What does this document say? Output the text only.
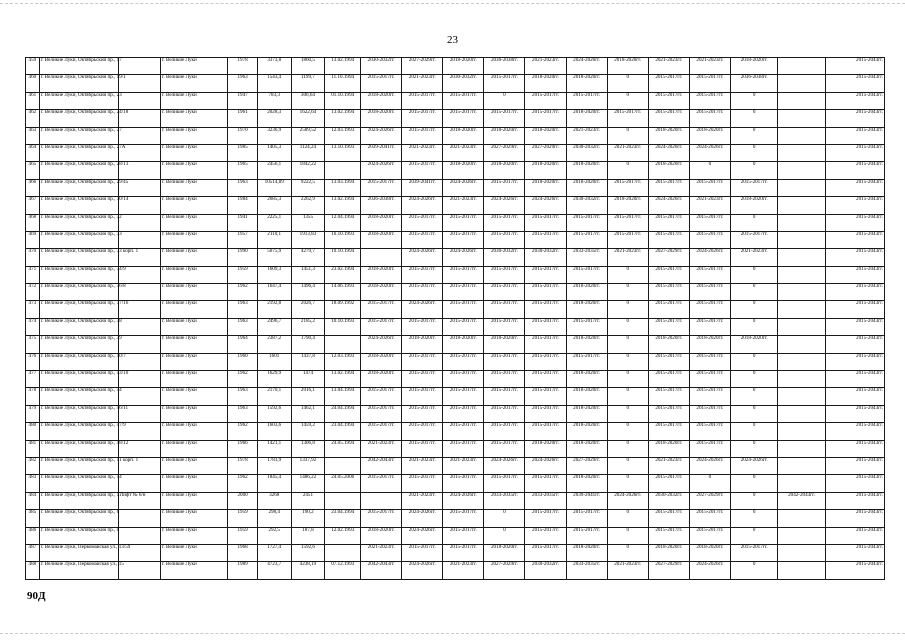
23
459	г. Великие Луки, Октябрьский пр., 17		г. Великие Луки	1978	3373,8	1860,5	13.02.1994	2030-2032гг.	2027-2029гг.	2018-2020гг.	2036-2038гг.	2021-2023гг.	2024-2026гг.	2018-2020гг.	2021-2023гг.	2021-2023гг.	2018-2020гг.		2015-2043гг.
460	г. Великие Луки, Октябрьский пр., 19/1		г. Великие Луки	1963	1543,4	1199,7	11.10.1994	2015-2017гг.	2021-2023гг.	2030-2032гг.	2015-2017гг.	2018-2020гг.	2018-2020гг.	0	2015-2017гг.	2015-2017гг.	2036-2038гг.		2015-2043гг.
461	г. Великие Луки, Октябрьский пр., 23		г. Великие Луки	1947	783,3	306,64	01.10.1994	2018-2020гг.	2015-2017гг.	2015-2017гг.	0	2015-2017гг.	2015-2017гг.	0	2015-2017гг.	2015-2017гг.	0		2015-2043гг.
462	г. Великие Луки, Октябрьский пр., 24/18		г. Великие Луки	1961	2028,3	1622,64	13.02.1994	2018-2020гг.	2015-2017гг.	2015-2017гг.	2015-2017гг.	2015-2017гг.	2018-2020гг.	2015-2017гг.	2015-2017гг.	2015-2017гг.	0		2015-2043гг.
463	г. Великие Луки, Октябрьский пр., 27		г. Великие Луки	1970	3236,9	2589,52	12.03.1993	2024-2026гг.	2015-2017гг.	2018-2020гг.	2018-2020гг.	2018-2020гг.	2021-2023гг.	0	2018-2020гг.	2018-2020гг.	0		2015-2043гг.
464	г. Великие Луки, Октябрьский пр., 27А		г. Великие Луки	1985	1405,3	1124,24	13.10.1993	2039-2041гг.	2021-2023гг.	2021-2023гг.	2027-2029гг.	2027-2029гг.	2030-2032гг.	2021-2023гг.	2024-2026гг.	2024-2026гг.	0		2015-2043гг.
465	г. Великие Луки, Октябрьский пр., 28/13		г. Великие Луки	1965	2456,1	1842,22		2024-2026гг.	2015-2017гг.	2018-2020гг.	2018-2020гг.	2018-2020гг.	2018-2020гг.	0	2018-2020гг.	0	0		2015-2043гг.
466	г. Великие Луки, Октябрьский пр., 29/45		г. Великие Луки	1963	10514,89	9222,5	13.03.1994	2015-2017гг.	2039-2041гг.	2024-2026гг.	2015-2017гг.	2018-2020гг.	2018-2020гг.	2015-2017гг.	2015-2017гг.	2015-2017гг.	2015-2017гг.		2015-2043гг.
467	г. Великие Луки, Октябрьский пр., 30/14		г. Великие Луки	1984	2685,3	2262,9	13.02.1994	2036-2038гг.	2024-2026гг.	2021-2023гг.	2024-2026гг.	2024-2026гг.	2030-2032гг.	2018-2020гг.	2024-2026гг.	2021-2023гг.	2018-2020гг.		2015-2043гг.
468	г. Великие Луки, Октябрьский пр., 32		г. Великие Луки	1941	2225,1	1355	12.04.1994	2018-2020гг.	2015-2017гг.	2015-2017гг.	2015-2017гг.	2015-2017гг.	2015-2017гг.	2015-2017гг.	2015-2017гг.	2015-2017гг.	0		2015-2043гг.
469	г. Великие Луки, Октябрьский пр., 33		г. Великие Луки	1957	2110,1	1913,83	10.10.1993	2018-2020гг.	2015-2017гг.	2015-2017гг.	2015-2017гг.	2015-2017гг.	2015-2017гг.	2015-2017гг.	2015-2017гг.	2015-2017гг.	2015-2017гг.		2015-2043гг.
470	г. Великие Луки, Октябрьский пр., 33 корп. 1		г. Великие Луки	1990	5075,9	4279,7	10.10.1994		2024-2026гг.	2024-2026гг.	2030-2032гг.	2030-2032гг.	2033-2035гг.	2021-2023гг.	2027-2029гг.	2024-2026гг.	2021-2023гг.		2015-2043гг.
471	г. Великие Луки, Октябрьский пр., 34/9		г. Великие Луки	1959	1609,3	1451,3	23.02.1994	2018-2020гг.	2015-2017гг.	2015-2017гг.	2015-2017гг.	2015-2017гг.	2015-2017гг.	0	2015-2017гг.	2015-2017гг.	0		2015-2043гг.
472	г. Великие Луки, Октябрьский пр., 36/8		г. Великие Луки	1962	1647,4	1496,4	14.06.1993	2018-2020гг.	2015-2017гг.	2015-2017гг.	2015-2017гг.	2015-2017гг.	2018-2020гг.	0	2015-2017гг.	2015-2017гг.	0		2015-2043гг.
473	г. Великие Луки, Октябрьский пр., 37/16		г. Великие Луки	1963	2192,8	2026,7	18.09.1992	2015-2017гг.	2024-2026гг.	2015-2017гг.	2015-2017гг.	2015-2017гг.	2018-2020гг.	0	2015-2017гг.	2015-2017гг.	0		2015-2043гг.
474	г. Великие Луки, Октябрьский пр., 38		г. Великие Луки	1963	2496,7	2185,2	10.10.1993	2015-2017гг.	2015-2017гг.	2015-2017гг.	2015-2017гг.	2015-2017гг.	2015-2017гг.	0	2015-2017гг.	2015-2017гг.	0		2015-2043гг.
475	г. Великие Луки, Октябрьский пр., 39		г. Великие Луки	1964	2387,2	1790,4		2024-2026гг.	2018-2020гг.	2018-2020гг.	2018-2020гг.	2015-2017гг.	2018-2020гг.	0	2018-2020гг.	2018-2020гг.	2018-2020гг.		2015-2043гг.
476	г. Великие Луки, Октябрьский пр., 40/7		г. Великие Луки	1960	1601	1437,8	12.03.1993	2018-2020гг.	2015-2017гг.	2015-2017гг.	2015-2017гг.	2015-2017гг.	2015-2017гг.	0	2015-2017гг.	2015-2017гг.	0		2015-2043гг.
477	г. Великие Луки, Октябрьский пр., 43/10		г. Великие Луки	1962	1629,9	1474	13.02.1994	2018-2020гг.	2015-2017гг.	2015-2017гг.	2015-2017гг.	2015-2017гг.	2018-2020гг.	0	2015-2017гг.	2015-2017гг.	0		2015-2043гг.
478	г. Великие Луки, Октябрьский пр., 44		г. Великие Луки	1963	2170,1	2016,1	13.04.1994	2015-2017гг.	2015-2017гг.	2015-2017гг.	2015-2017гг.	2015-2017гг.	2018-2020гг.	0	2015-2017гг.	2015-2017гг.	0		2015-2043гг.
479	г. Великие Луки, Октябрьский пр., 46/11		г. Великие Луки	1963	1592,6	1462,1	24.04.1994	2015-2017гг.	2015-2017гг.	2015-2017гг.	2015-2017гг.	2015-2017гг.	2018-2020гг.	0	2015-2017гг.	2015-2017гг.	0		2015-2043гг.
480	г. Великие Луки, Октябрьский пр., 47/9		г. Великие Луки	1962	1603,6	1459,2	23.04.1994	2015-2017гг.	2015-2017гг.	2015-2017гг.	2015-2017гг.	2015-2017гг.	2018-2020гг.	0	2015-2017гг.	2015-2017гг.	0		2015-2043гг.
481	г. Великие Луки, Октябрьский пр., 48/12		г. Великие Луки	1966	1421,1	1306,8	24.05.1994	2021-2023гг.	2015-2017гг.	2015-2017гг.	2015-2017гг.	2018-2020гг.	2018-2020гг.	0	2018-2020гг.	2015-2017гг.	0		2015-2043гг.
482	г. Великие Луки, Октябрьский пр., 51 корп. 1		г. Великие Луки	1978	1783,9	1337,92		2042-2043гг.	2021-2023гг.	2021-2023гг.	2024-2026гг.	2024-2026гг.	2027-2029гг.	0	2021-2023гг.	2024-2026гг.	2024-2026гг.		2015-2043гг.
483	г. Великие Луки, Октябрьский пр., 54		г. Великие Луки	1962	1845,4	1486,22	24.05.2006	2015-2017гг.	2015-2017гг.	2015-2017гг.	2015-2017гг.	2015-2017гг.	2018-2020гг.	0	2015-2017гг.	0	0		2015-2043гг.
484	г. Великие Луки, Октябрьский пр., 57	Лифт № 6/н	г. Великие Луки	2000	3268	2451			2021-2023гг.	2024-2026гг.	2033-2035гг.	2033-2035гг.	2039-2041гг.	2024-2026гг.	2030-2032гг.	2027-2029гг.	0	2042-2043гг.	2015-2043гг.
485	г. Великие Луки, Октябрьский пр., 6		г. Великие Луки	1959	298,4	190,2	23.04.1994	2015-2017гг.	2024-2026гг.	2015-2017гг.	0	2015-2017гг.	2015-2017гг.	0	2015-2017гг.	2015-2017гг.	0		2015-2043гг.
486	г. Великие Луки, Октябрьский пр., 8		г. Великие Луки	1959	292,5	187,8	12.02.1993	2018-2020гг.	2024-2026гг.	2015-2017гг.	0	2015-2017гг.	2015-2017гг.	0	2015-2017гг.	2015-2017гг.	0		2015-2043гг.
487	г. Великие Луки, Первомайская ул., 13/59		г. Великие Луки	1968	1727,4	1592,6		2021-2023гг.	2015-2017гг.	2015-2017гг.	2018-2020гг.	2015-2017гг.	2018-2020гг.	0	2018-2020гг.	2018-2020гг.	2015-2017гг.		2015-2043гг.
488	г. Великие Луки, Первомайская ул., 15		г. Великие Луки	1989	4723,7	4238,19	07.12.1993	2042-2043гг.	2024-2026гг.	2021-2023гг.	2027-2029гг.	2030-2032гг.	2033-2035гг.	2021-2023гг.	2027-2029гг.	2024-2026гг.	0		2015-2043гг.
90Д
